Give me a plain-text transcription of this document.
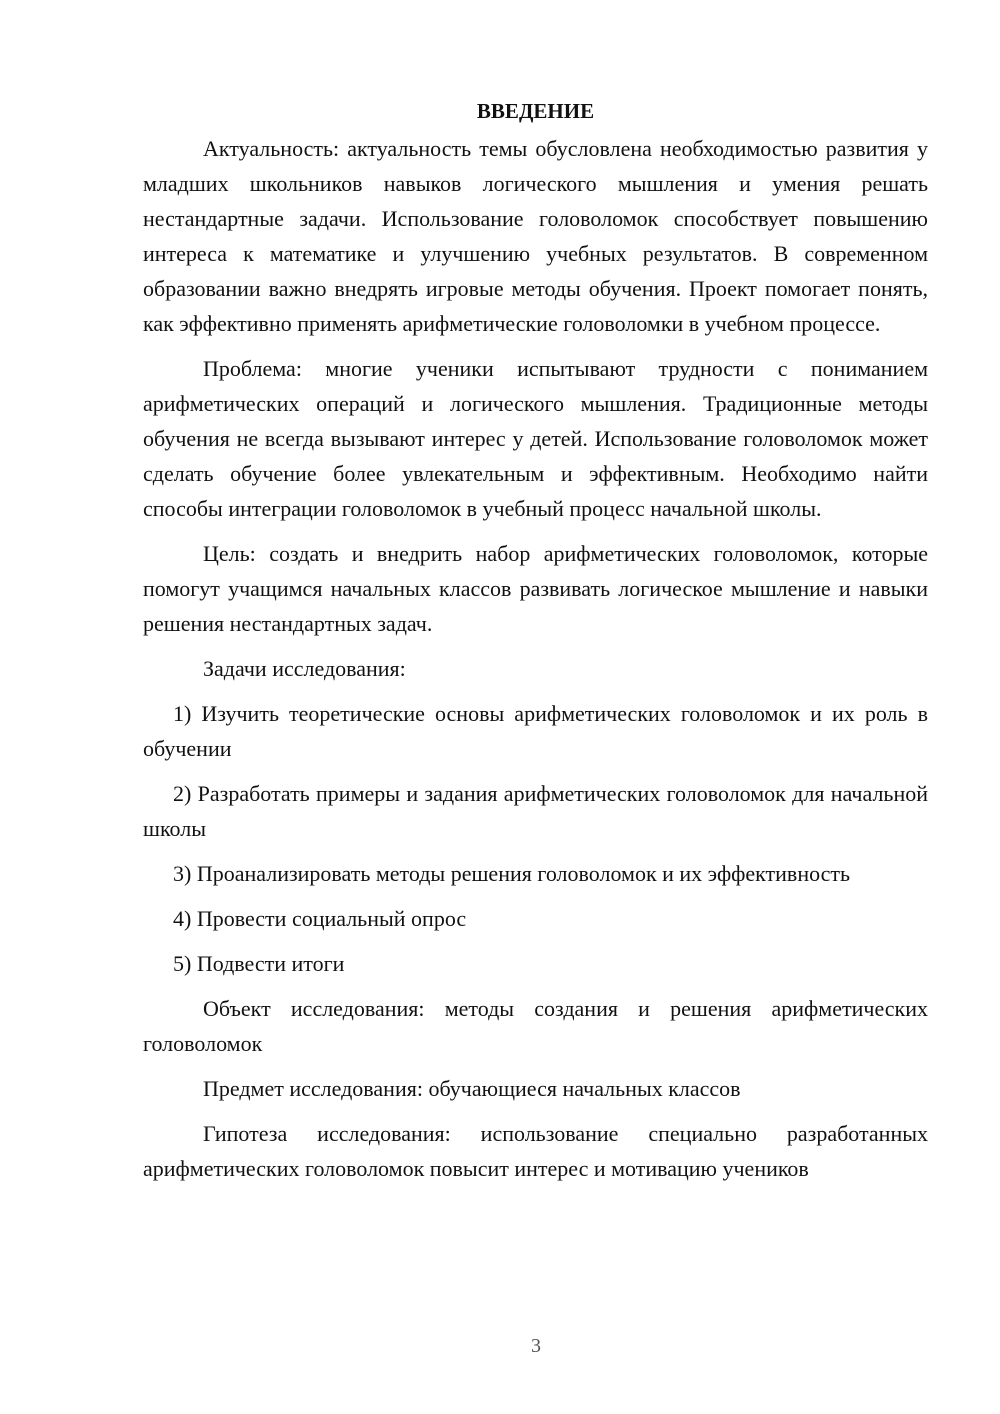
ВВЕДЕНИЕ

Актуальность: актуальность темы обусловлена необходимостью развития у младших школьников навыков логического мышления и умения решать нестандартные задачи. Использование головоломок способствует повышению интереса к математике и улучшению учебных результатов. В современном образовании важно внедрять игровые методы обучения. Проект помогает понять, как эффективно применять арифметические головоломки в учебном процессе.

Проблема: многие ученики испытывают трудности с пониманием арифметических операций и логического мышления. Традиционные методы обучения не всегда вызывают интерес у детей. Использование головоломок может сделать обучение более увлекательным и эффективным. Необходимо найти способы интеграции головоломок в учебный процесс начальной школы.

Цель: создать и внедрить набор арифметических головоломок, которые помогут учащимся начальных классов развивать логическое мышление и навыки решения нестандартных задач.

Задачи исследования:

1) Изучить теоретические основы арифметических головоломок и их роль в обучении

2) Разработать примеры и задания арифметических головоломок для начальной школы

3) Проанализировать методы решения головоломок и их эффективность

4) Провести социальный опрос

5) Подвести итоги

Объект исследования: методы создания и решения арифметических головоломок

Предмет исследования: обучающиеся начальных классов

Гипотеза исследования: использование специально разработанных арифметических головоломок повысит интерес и мотивацию учеников

3
